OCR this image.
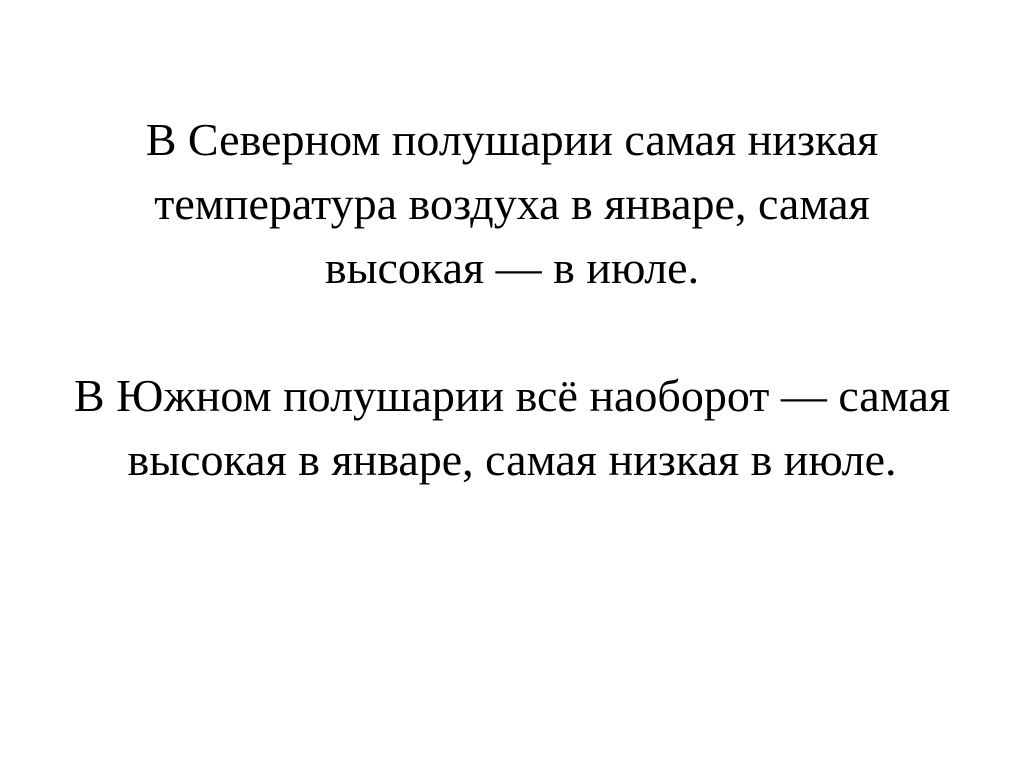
В Северном полушарии самая низкая
температура воздуха в январе, самая
высокая — в июле.

В Южном полушарии всё наоборот — самая
высокая в январе, самая низкая в июле.
